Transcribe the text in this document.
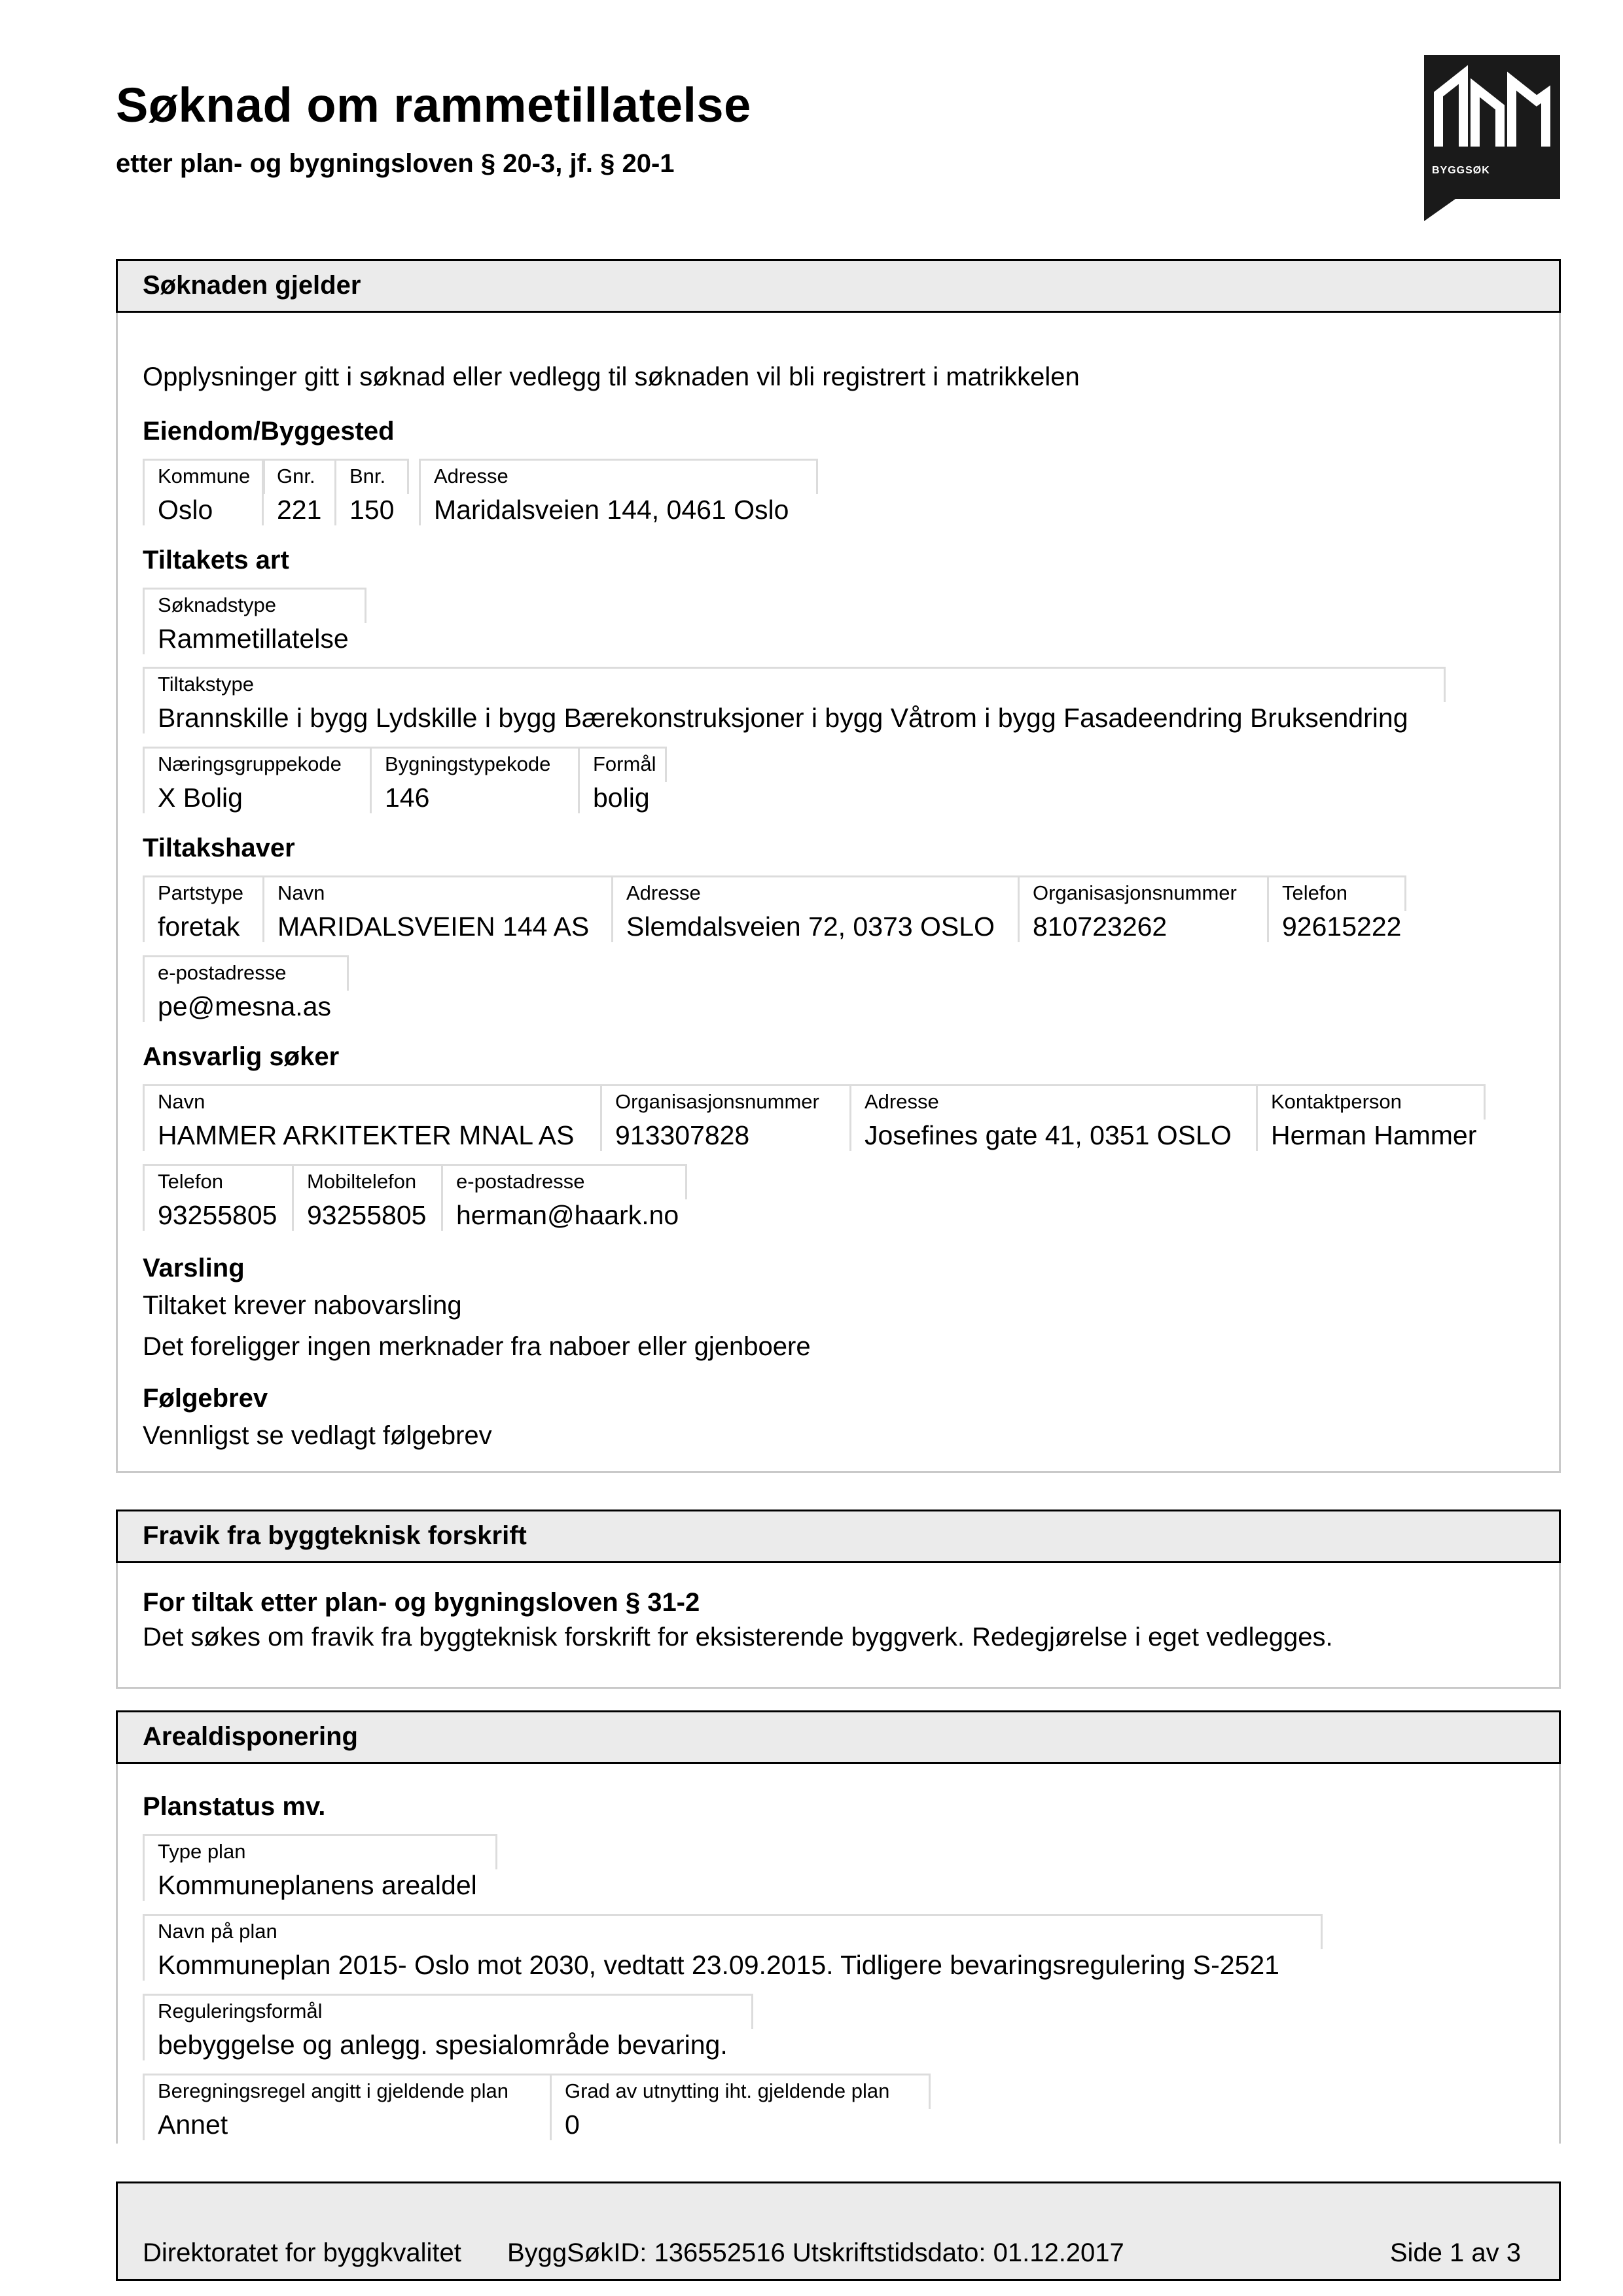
Søknad om rammetillatelse
etter plan- og bygningsloven § 20-3, jf. § 20-1	BYGGSØK
Søknaden gjelder
Opplysninger gitt i søknad eller vedlegg til søknaden vil bli registrert i matrikkelen
Eiendom/Byggested
Kommune
Oslo
Gnr.
221
Bnr.
150
Adresse
Maridalsveien 144, 0461 Oslo
Tiltakets art
Søknadstype
Rammetillatelse
Tiltakstype
Brannskille i bygg Lydskille i bygg Bærekonstruksjoner i bygg Våtrom i bygg Fasadeendring Bruksendring
Næringsgruppekode
X Bolig
Bygningstypekode
146
Formål
bolig
Tiltakshaver
Partstype
foretak
Navn
MARIDALSVEIEN 144 AS
Adresse
Slemdalsveien 72, 0373 OSLO
Organisasjonsnummer
810723262
Telefon
92615222
e-postadresse
pe@mesna.as
Ansvarlig søker
Navn
HAMMER ARKITEKTER MNAL AS
Organisasjonsnummer
913307828
Adresse
Josefines gate 41, 0351 OSLO
Kontaktperson
Herman Hammer
Telefon
93255805
Mobiltelefon
93255805
e-postadresse
herman@haark.no
Varsling
Tiltaket krever nabovarsling
Det foreligger ingen merknader fra naboer eller gjenboere
Følgebrev
Vennligst se vedlagt følgebrev
Fravik fra byggteknisk forskrift
For tiltak etter plan- og bygningsloven § 31-2
Det søkes om fravik fra byggteknisk forskrift for eksisterende byggverk. Redegjørelse i eget vedlegges.
Arealdisponering
Planstatus mv.
Type plan
Kommuneplanens arealdel
Navn på plan
Kommuneplan 2015- Oslo mot 2030, vedtatt 23.09.2015. Tidligere bevaringsregulering S-2521
Reguleringsformål
bebyggelse og anlegg. spesialområde bevaring.
Beregningsregel angitt i gjeldende plan
Annet
Grad av utnytting iht. gjeldende plan
0
Direktoratet for byggkvalitet ByggSøkID: 136552516 Utskriftstidsdato: 01.12.2017	Side 1 av 3
